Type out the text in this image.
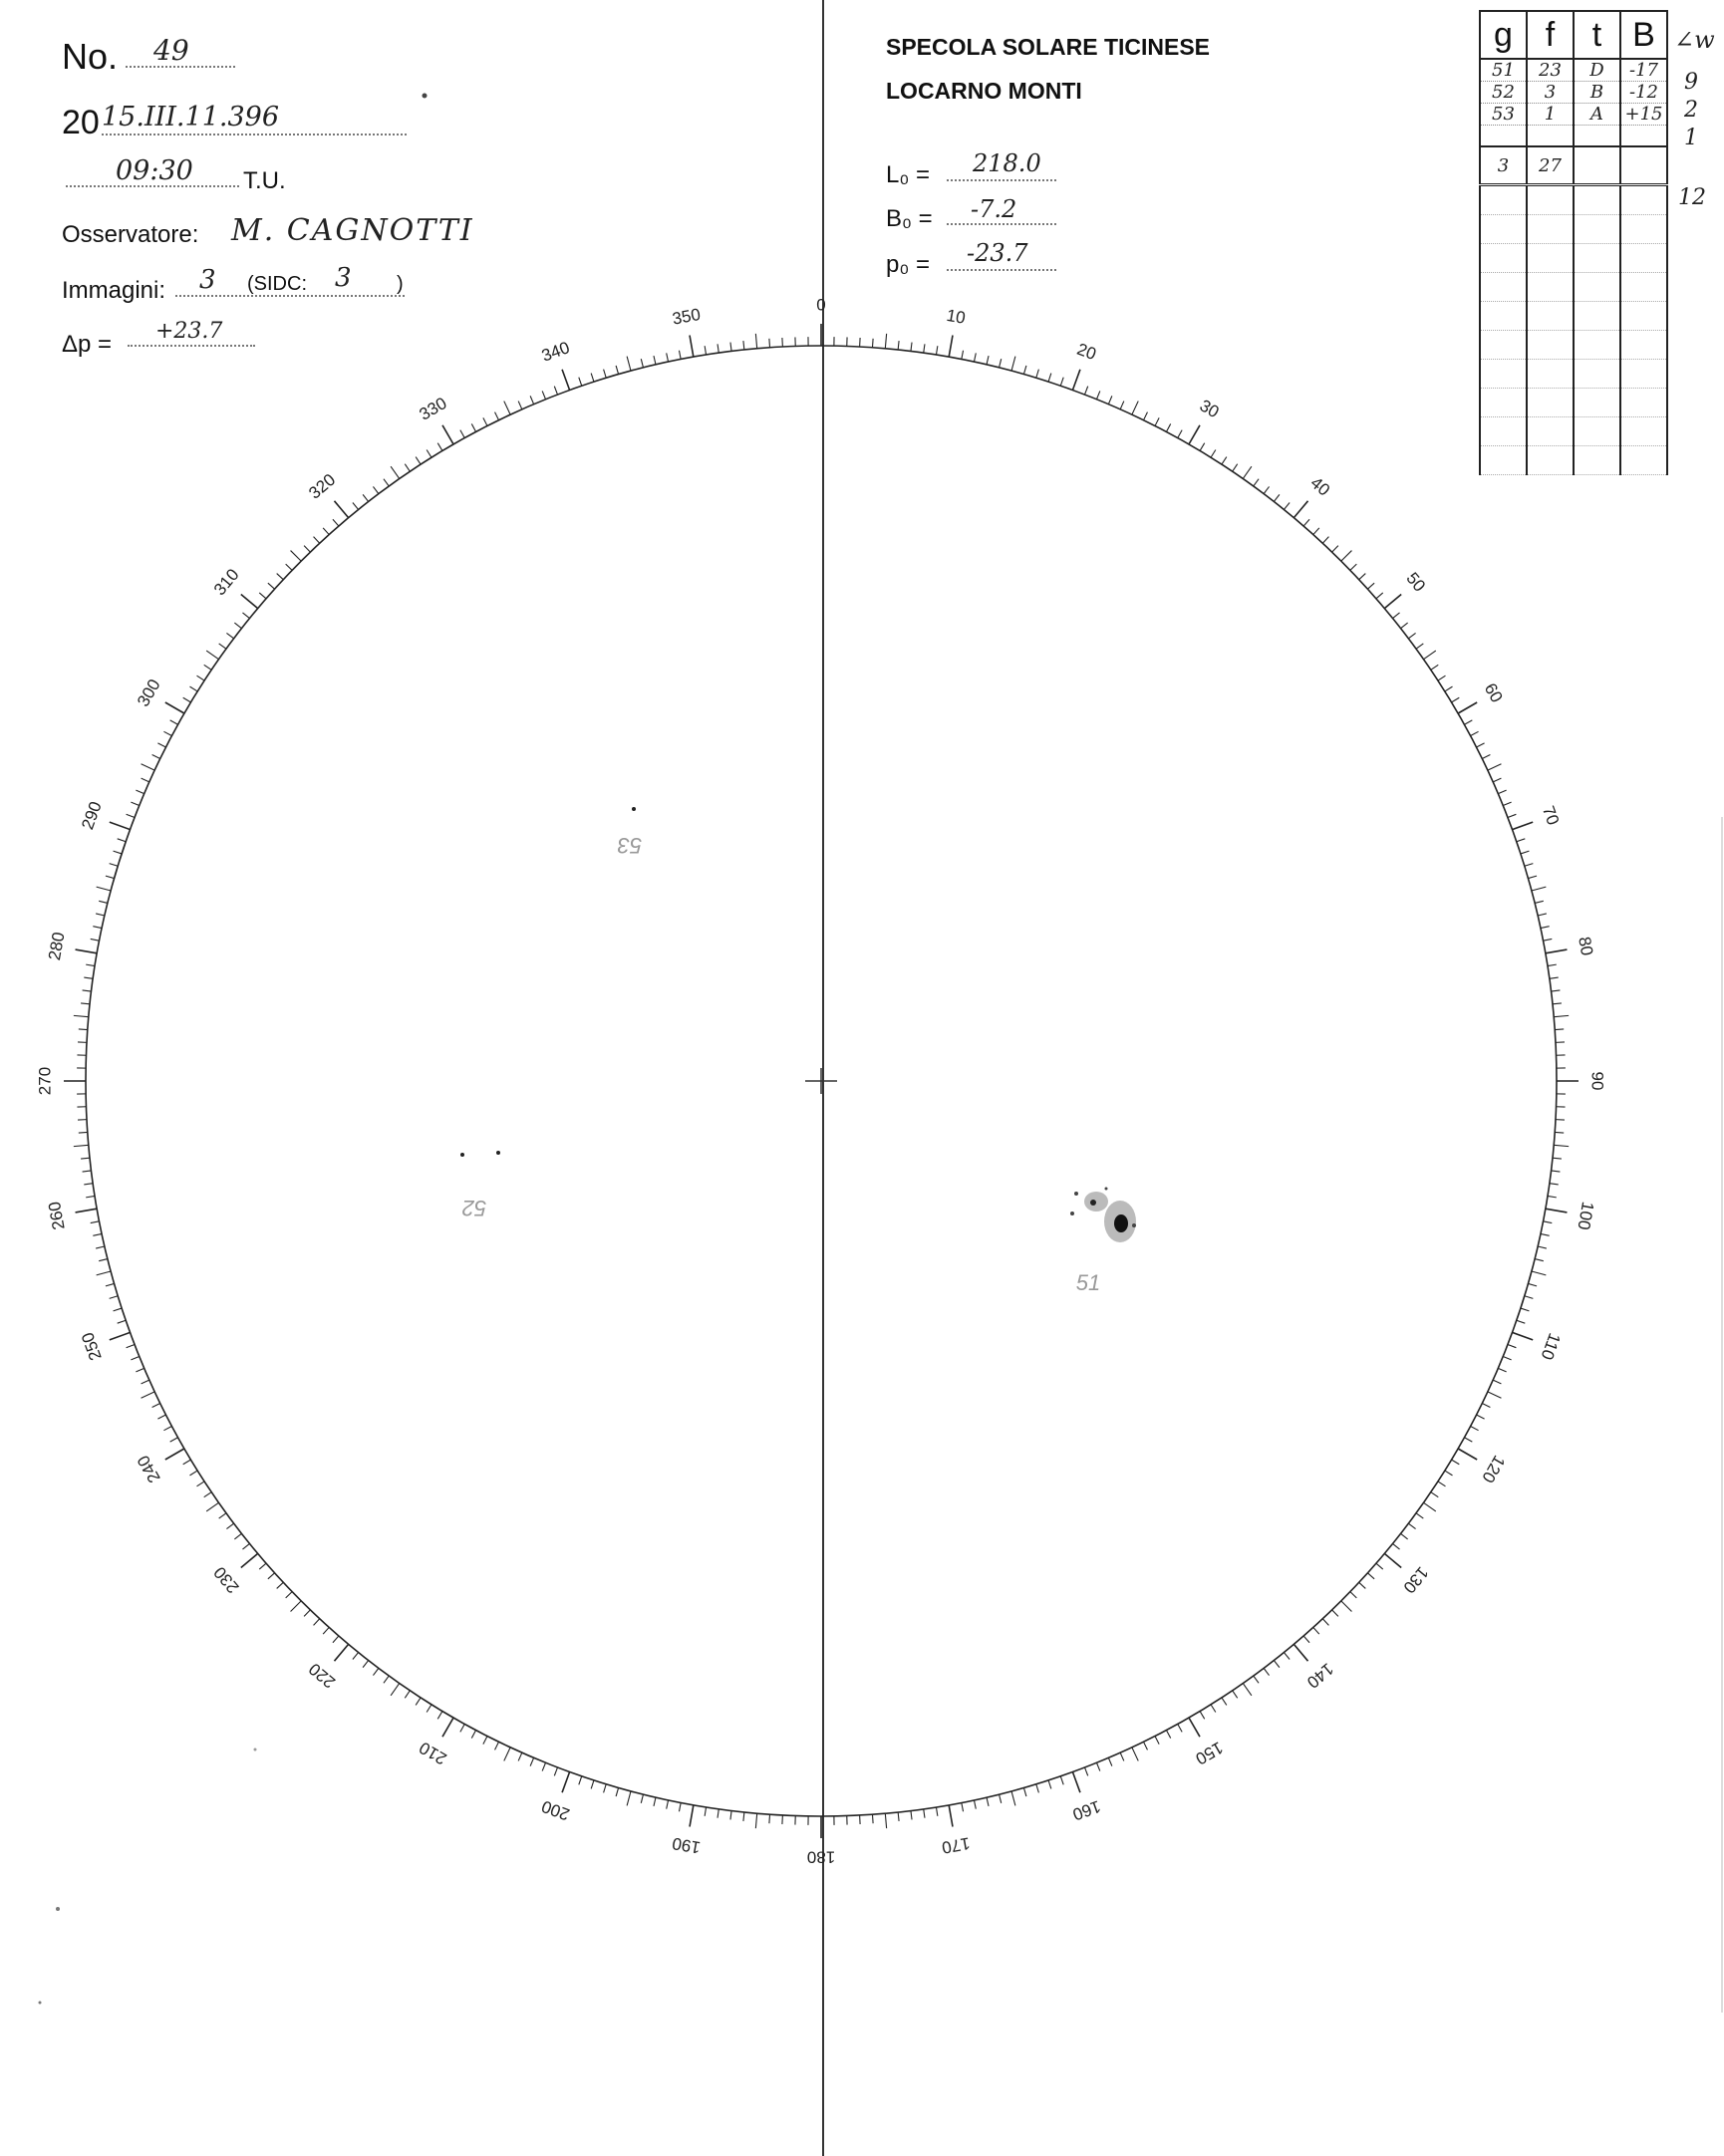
No.	49
20 15.III.11.396
09:30	T.U.
Osservatore: M. CAGNOTTI
Immagini: 3 (SIDC: 3 )
Δp =	+23.7
SPECOLA SOLARE TICINESE
LOCARNO MONTI
L₀ =	218.0
B₀ =	-7.2
p₀ =	-23.7
g	f	t	B
51	23	D	-17
52	3	B	-12
53	1	A	+15

3	27		

∠w
9
2
1
12
0
10
20
30
40
50
60
70
80
90
100
110
120
130
140
150
160
170
180
190
200
210
220
230
240
250
260
270
280
290
300
310
320
330
340
350
51
52
53
